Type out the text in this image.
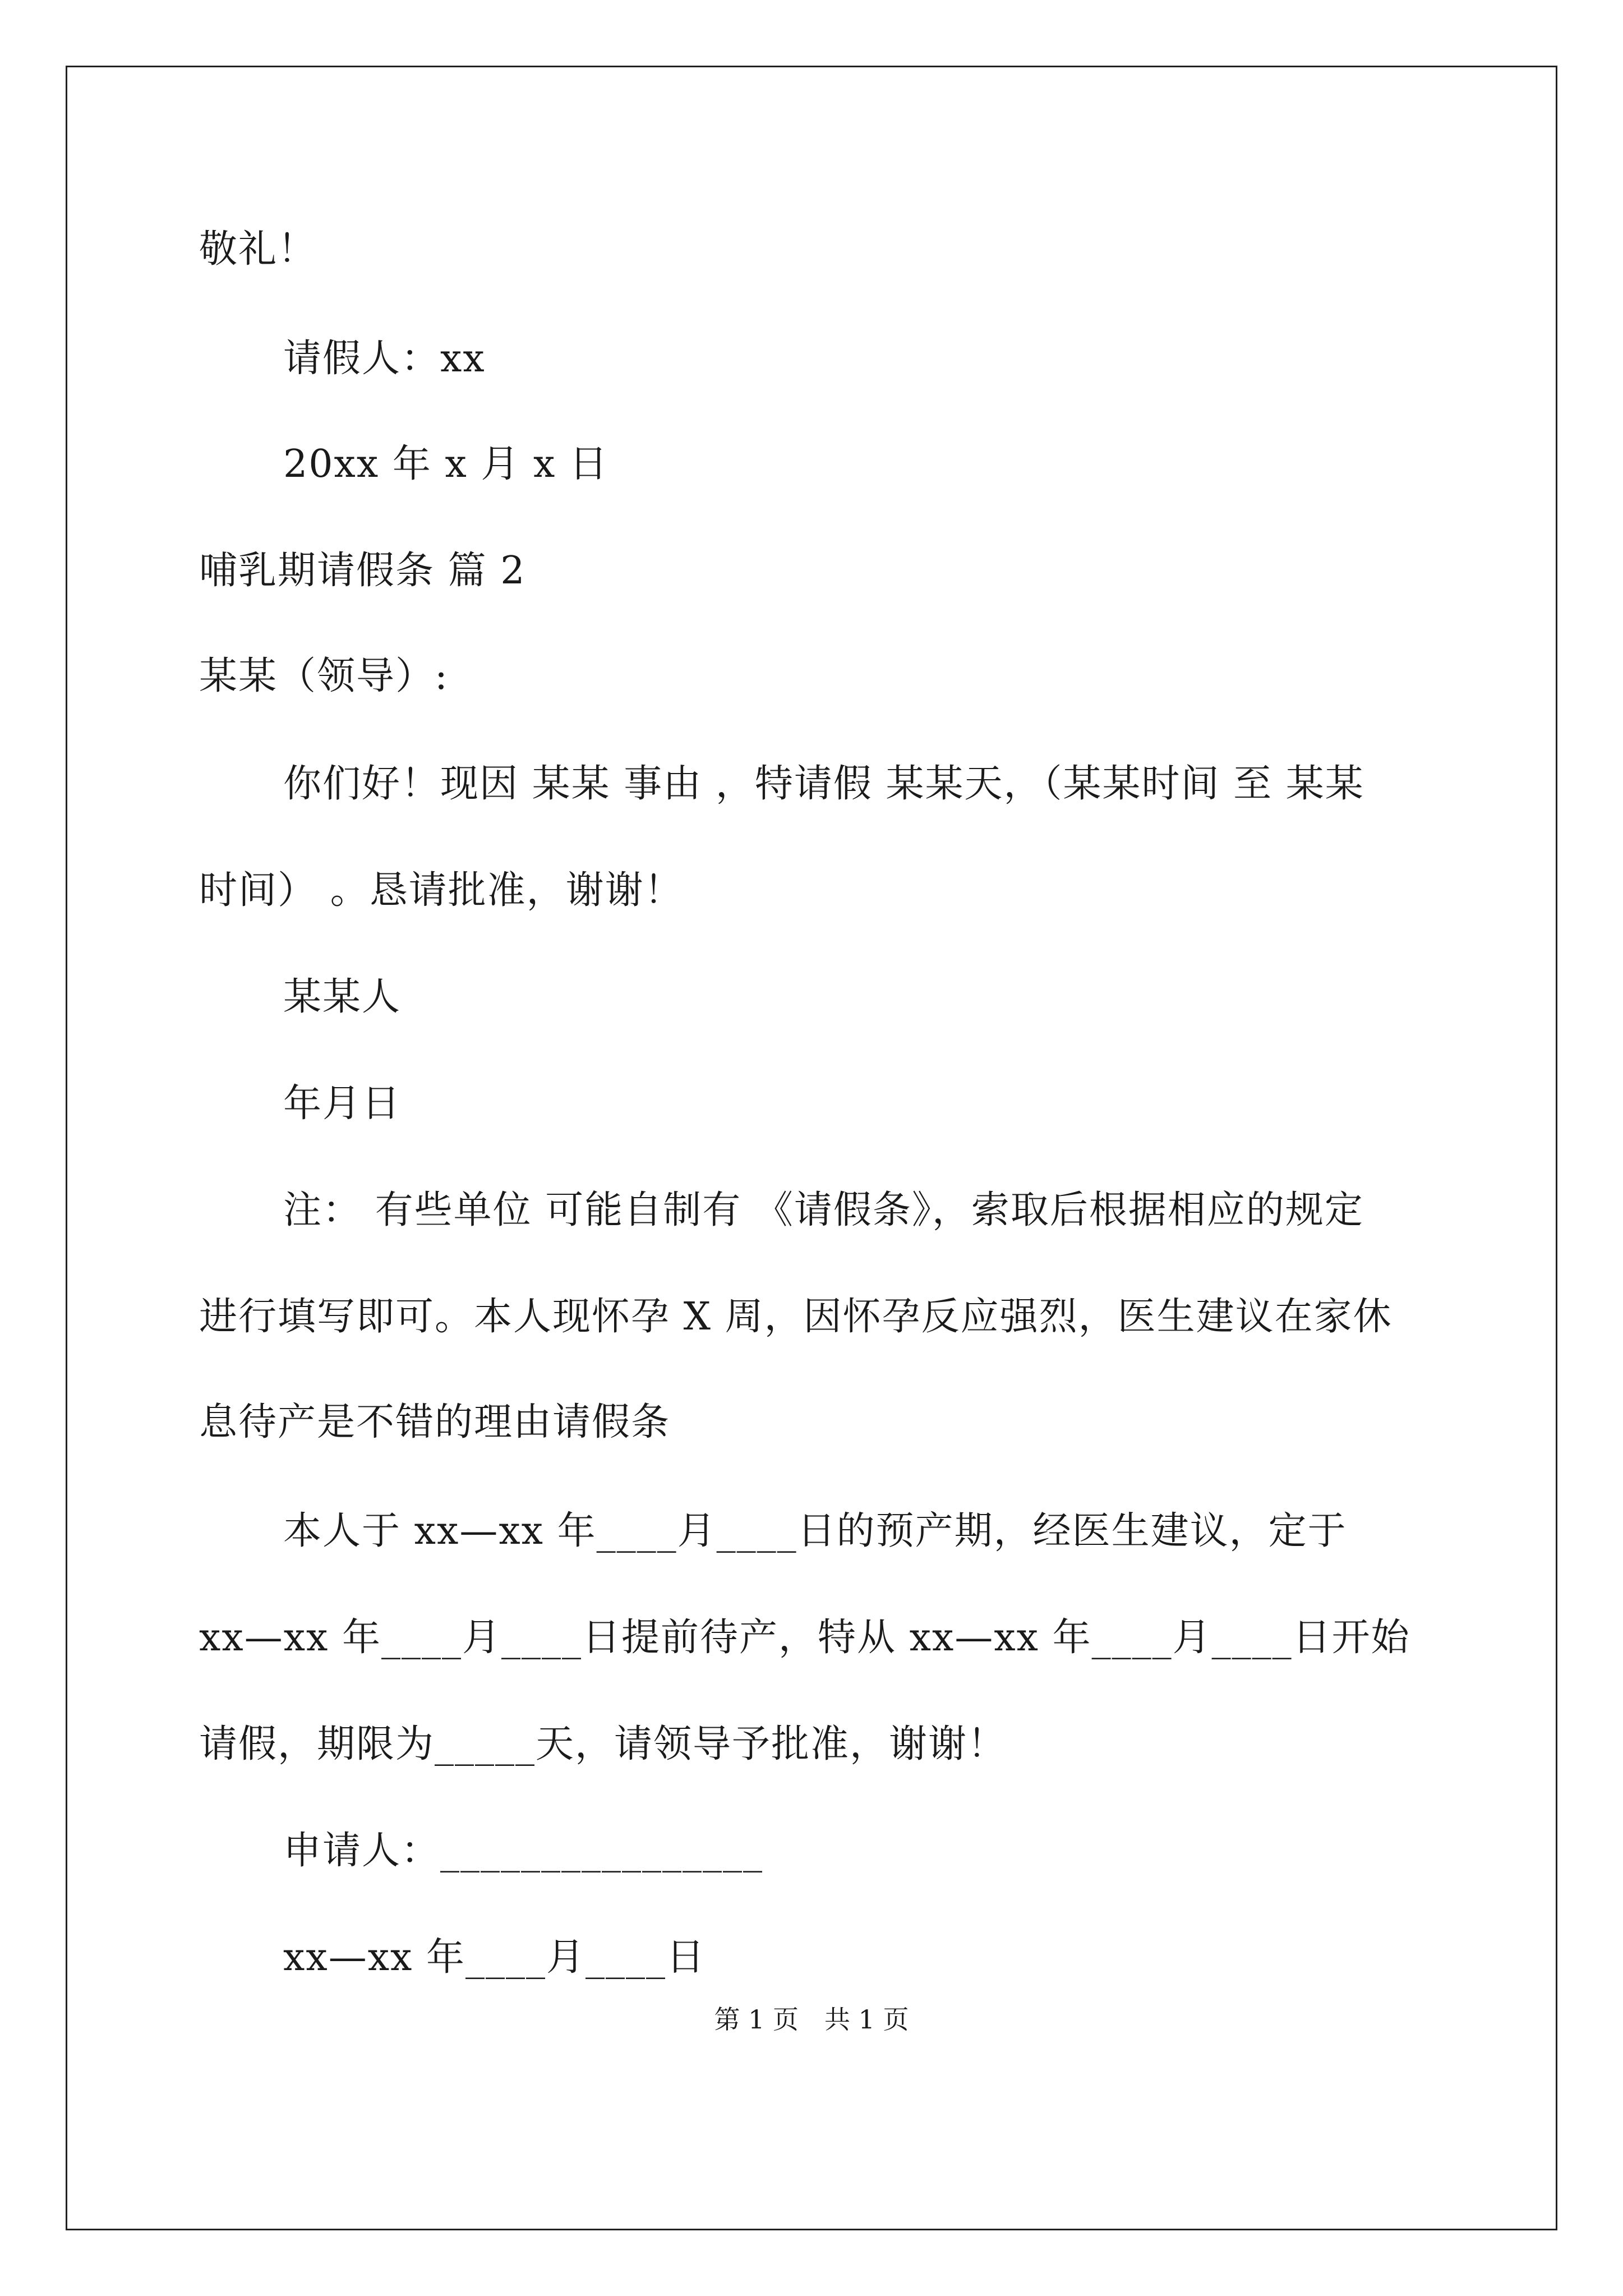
敬礼！
请假人：xx
20xx 年 x 月 x 日
哺乳期请假条 篇 2
某某（领导）:
你们好！现因 某某 事由 ，特请假 某某天，（某某时间 至 某某
时间） 。恳请批准，谢谢！
某某人
年月日
注： 有些单位 可能自制有 《请假条》，索取后根据相应的规定
进行填写即可。本人现怀孕 X 周，因怀孕反应强烈，医生建议在家休
息待产是不错的理由请假条
本人于 xx—xx 年____月____日的预产期，经医生建议，定于
xx—xx 年____月____日提前待产，特从 xx—xx 年____月____日开始
请假，期限为_____天，请领导予批准，谢谢！
申请人：________________
xx—xx 年____月____日
第 1 页　共 1 页
